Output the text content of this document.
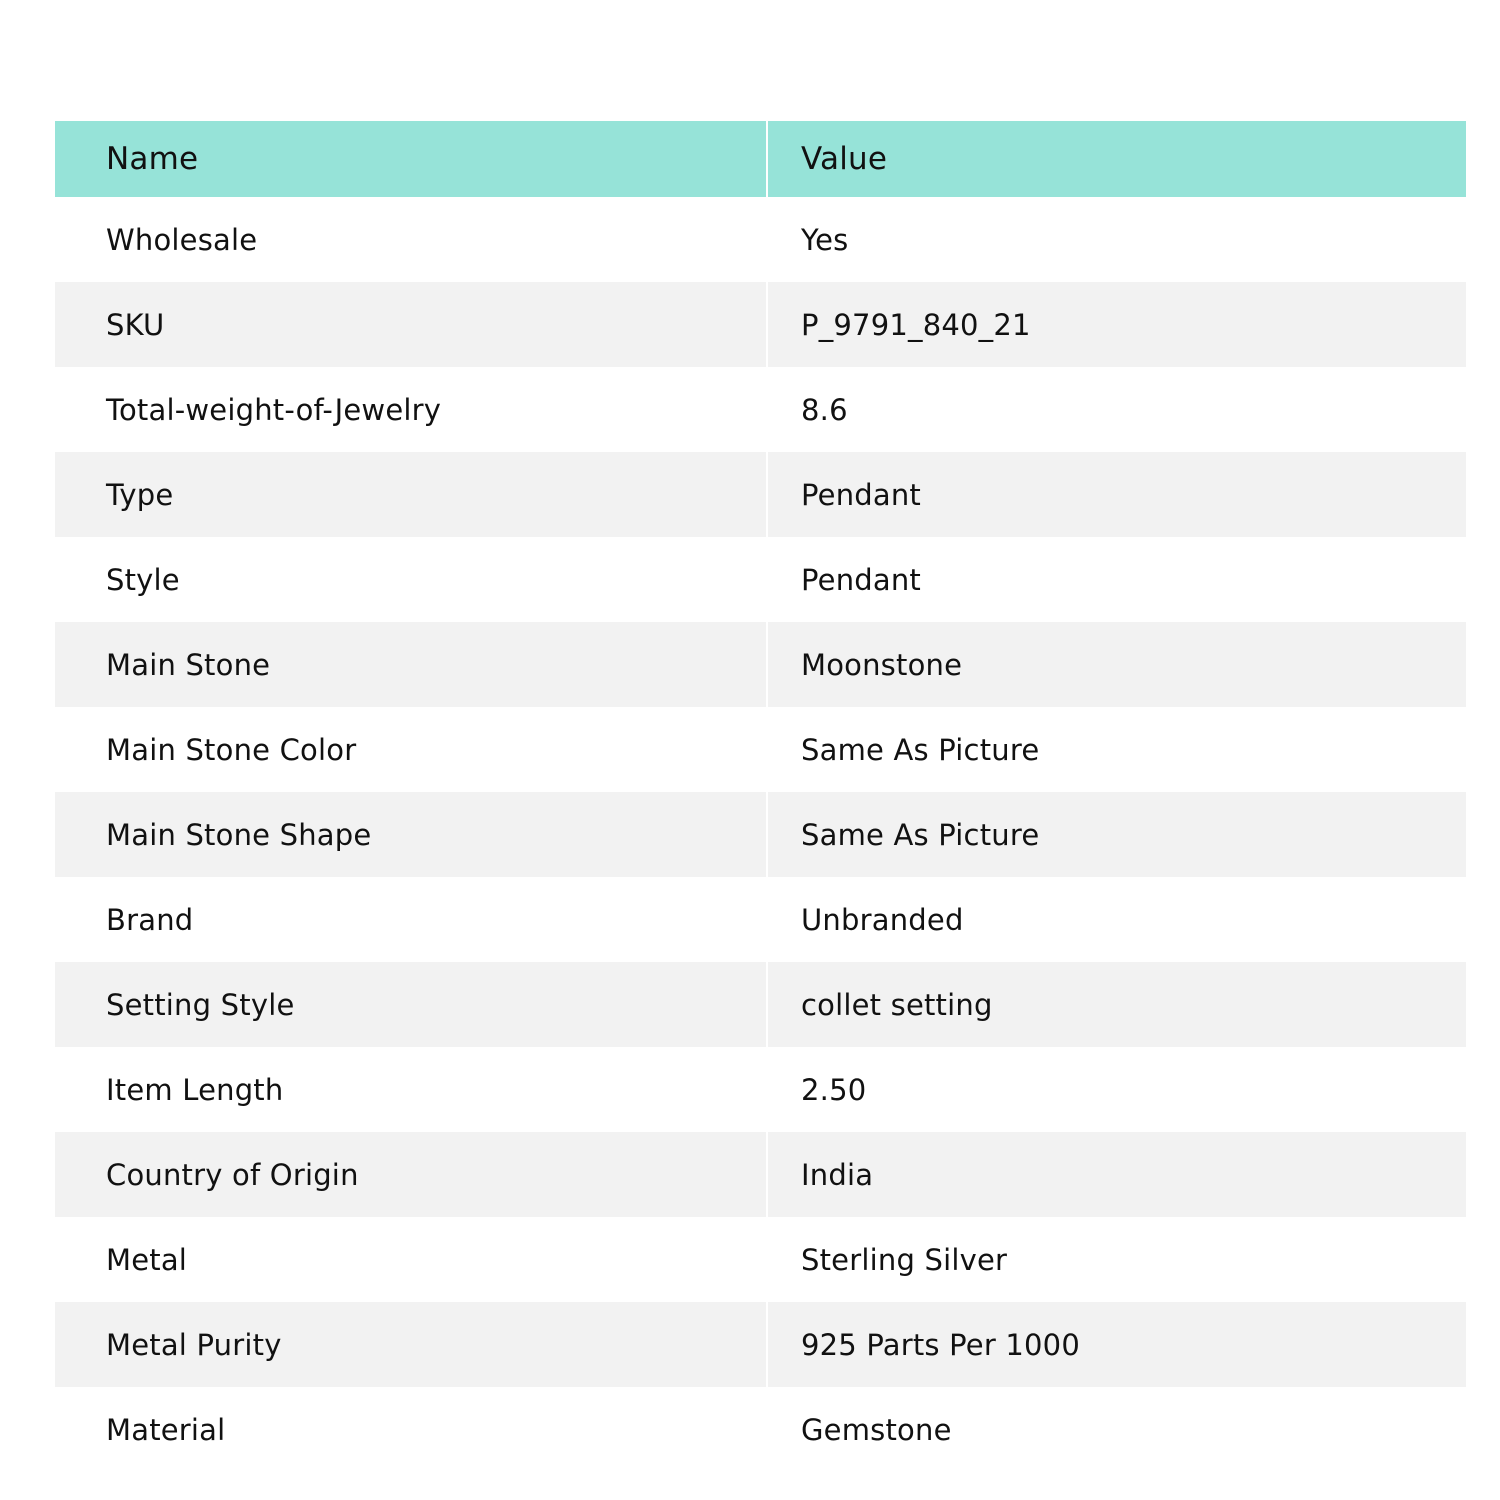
Name	Value
Wholesale	Yes
SKU	P_9791_840_21
Total-weight-of-Jewelry	8.6
Type	Pendant
Style	Pendant
Main Stone	Moonstone
Main Stone Color	Same As Picture
Main Stone Shape	Same As Picture
Brand	Unbranded
Setting Style	collet setting
Item Length	2.50
Country of Origin	India
Metal	Sterling Silver
Metal Purity	925 Parts Per 1000
Material	Gemstone
